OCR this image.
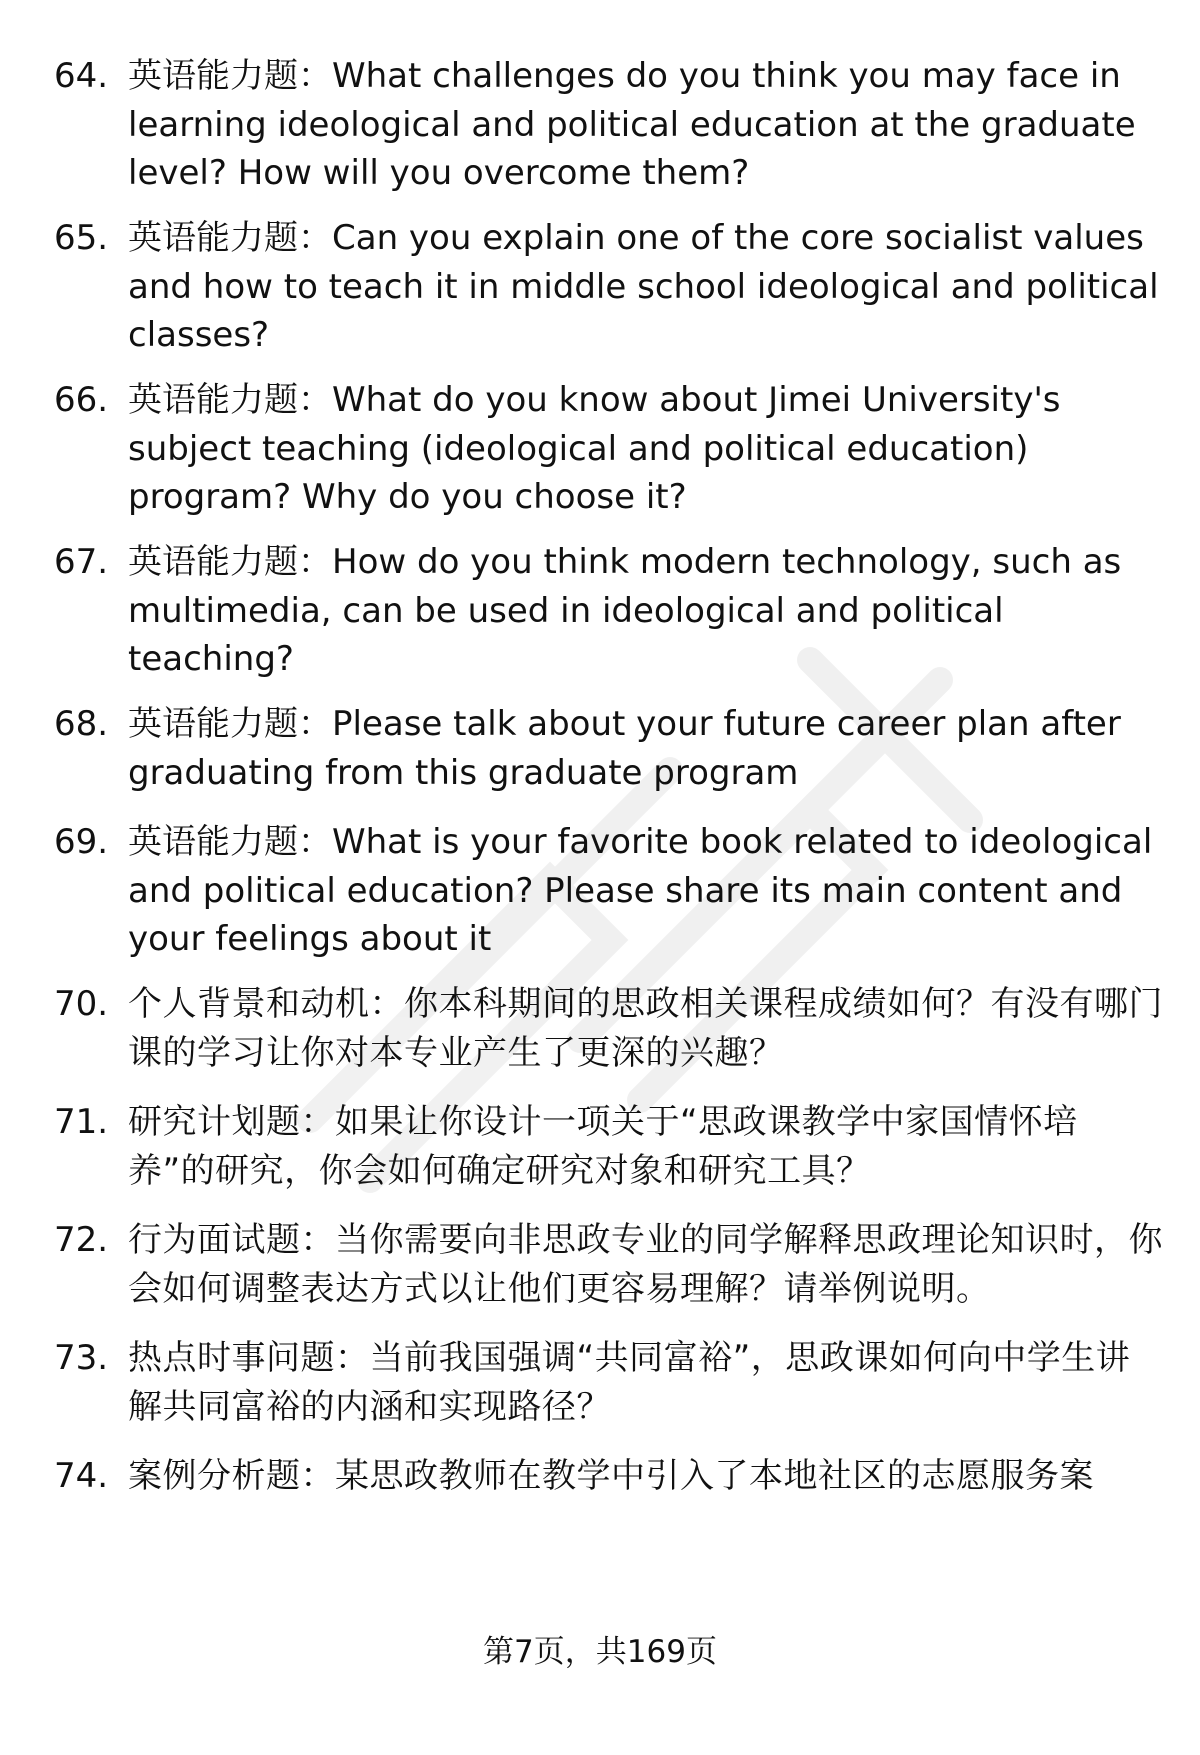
64. 英语能力题：What challenges do you think you may face in learning ideological and political education at the graduate level? How will you overcome them?

65. 英语能力题：Can you explain one of the core socialist values and how to teach it in middle school ideological and political classes?

66. 英语能力题：What do you know about Jimei University's subject teaching (ideological and political education) program? Why do you choose it?

67. 英语能力题：How do you think modern technology, such as multimedia, can be used in ideological and political teaching?

68. 英语能力题：Please talk about your future career plan after graduating from this graduate program

69. 英语能力题：What is your favorite book related to ideological and political education? Please share its main content and your feelings about it

70. 个人背景和动机：你本科期间的思政相关课程成绩如何？有没有哪门课的学习让你对本专业产生了更深的兴趣？

71. 研究计划题：如果让你设计一项关于“思政课教学中家国情怀培养”的研究，你会如何确定研究对象和研究工具？

72. 行为面试题：当你需要向非思政专业的同学解释思政理论知识时，你会如何调整表达方式以让他们更容易理解？请举例说明。

73. 热点时事问题：当前我国强调“共同富裕”，思政课如何向中学生讲解共同富裕的内涵和实现路径？

74. 案例分析题：某思政教师在教学中引入了本地社区的志愿服务案

第7页，共169页
